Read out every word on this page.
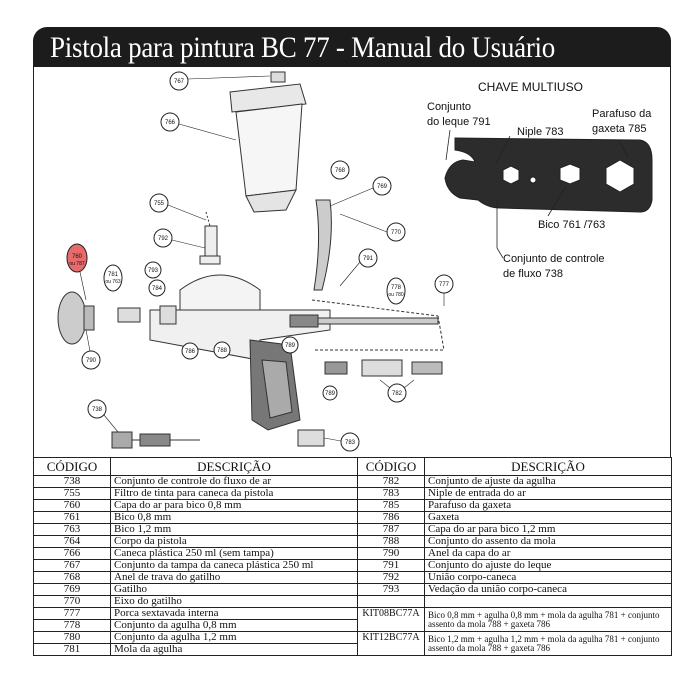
Pistola para pintura BC 77 - Manual do Usuário
CHAVE MULTIUSO
Conjunto do leque 791
Niple 783
Parafuso da gaxeta 785
Bico 761 /763
Conjunto de controle de fluxo 738
767
766
755
792
760
ou 787
781
ou 763
793
784
768
769
770
791
778
ou 780
777
786
790
788
789
782
738
783
789
CÓDIGO	DESCRIÇÃO	CÓDIGO	DESCRIÇÃO
738	Conjunto de controle do fluxo de ar	782	Conjunto de ajuste da agulha
755	Filtro de tinta para caneca da pistola	783	Niple de entrada do ar
760	Capa do ar para bico 0,8 mm	785	Parafuso da gaxeta
761	Bico 0,8 mm	786	Gaxeta
763	Bico 1,2 mm	787	Capa do ar para bico 1,2 mm
764	Corpo da pistola	788	Conjunto do assento da mola
766	Caneca plástica 250 ml (sem tampa)	790	Anel da capa do ar
767	Conjunto da tampa da caneca plástica 250 ml	791	Conjunto do ajuste do leque
768	Anel de trava do gatilho	792	União corpo-caneca
769	Gatilho	793	Vedação da união corpo-caneca
770	Eixo do gatilho		
777	Porca sextavada interna	KIT08BC77A	Bico 0,8 mm + agulha 0,8 mm + mola da agulha 781 + conjunto assento da mola 788 + gaxeta 786
778	Conjunto da agulha 0,8 mm		
780	Conjunto da agulha 1,2 mm	KIT12BC77A	Bico 1,2 mm + agulha 1,2 mm + mola da agulha 781 + conjunto assento da mola 788 + gaxeta 786
781	Mola da agulha		
